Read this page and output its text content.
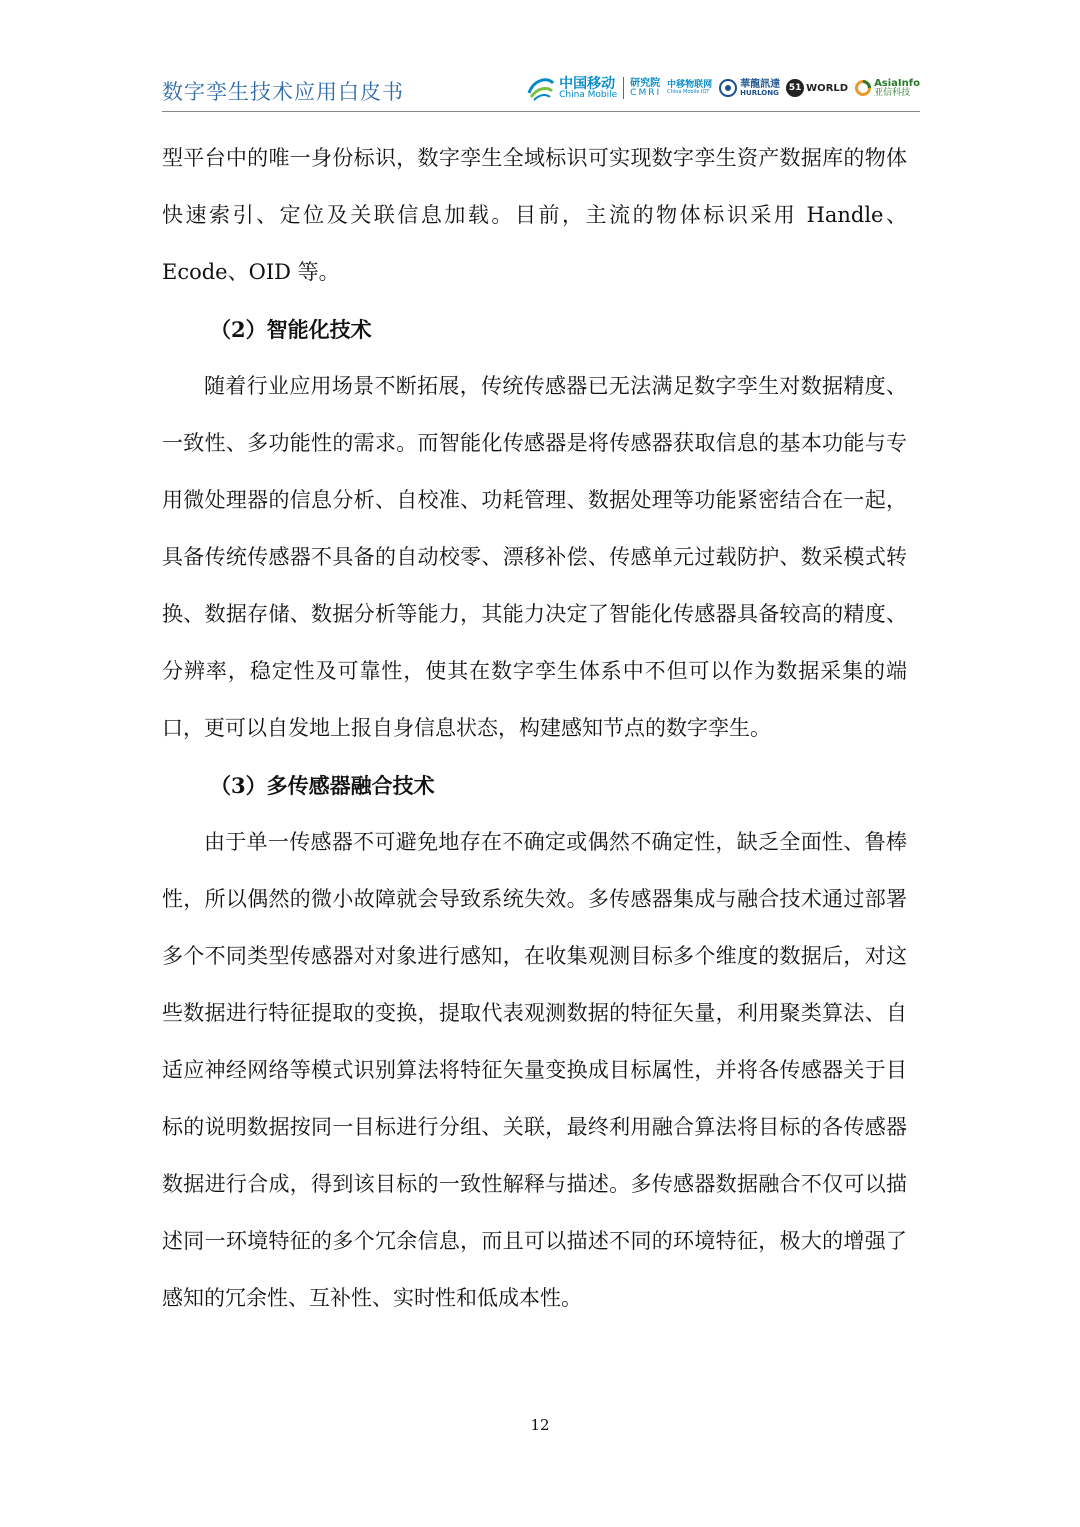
数字孪生技术应用白皮书	中国移动
China Mobile
研究院
CMRI
中移物联网
China Mobile IOT
華龍訊達
HURLONG	51 WORLD	AsiaInfo
亚信科技

型平台中的唯一身份标识，数字孪生全域标识可实现数字孪生资产数据库的物体快速索引、定位及关联信息加载。目前，主流的物体标识采用 Handle、Ecode、OID 等。

（2）智能化技术

随着行业应用场景不断拓展，传统传感器已无法满足数字孪生对数据精度、一致性、多功能性的需求。而智能化传感器是将传感器获取信息的基本功能与专用微处理器的信息分析、自校准、功耗管理、数据处理等功能紧密结合在一起，具备传统传感器不具备的自动校零、漂移补偿、传感单元过载防护、数采模式转换、数据存储、数据分析等能力，其能力决定了智能化传感器具备较高的精度、分辨率，稳定性及可靠性，使其在数字孪生体系中不但可以作为数据采集的端口，更可以自发地上报自身信息状态，构建感知节点的数字孪生。

（3）多传感器融合技术

由于单一传感器不可避免地存在不确定或偶然不确定性，缺乏全面性、鲁棒性，所以偶然的微小故障就会导致系统失效。多传感器集成与融合技术通过部署多个不同类型传感器对对象进行感知，在收集观测目标多个维度的数据后，对这些数据进行特征提取的变换，提取代表观测数据的特征矢量，利用聚类算法、自适应神经网络等模式识别算法将特征矢量变换成目标属性，并将各传感器关于目标的说明数据按同一目标进行分组、关联，最终利用融合算法将目标的各传感器数据进行合成，得到该目标的一致性解释与描述。多传感器数据融合不仅可以描述同一环境特征的多个冗余信息，而且可以描述不同的环境特征，极大的增强了感知的冗余性、互补性、实时性和低成本性。

12
